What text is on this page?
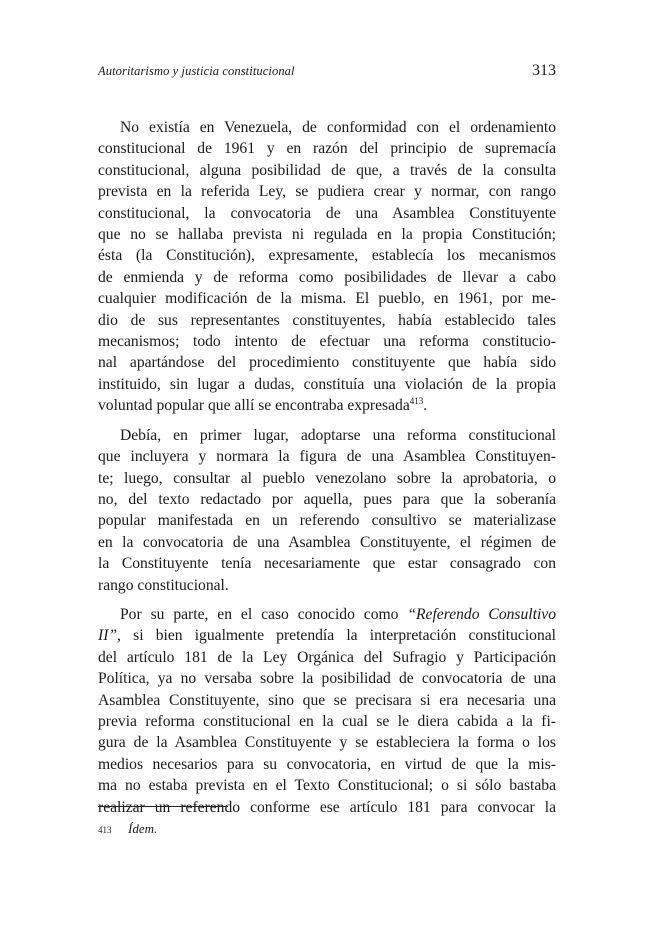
Autoritarismo y justicia constitucional	313
No existía en Venezuela, de conformidad con el ordenamiento
constitucional de 1961 y en razón del principio de supremacía
constitucional, alguna posibilidad de que, a través de la consulta
prevista en la referida Ley, se pudiera crear y normar, con rango
constitucional, la convocatoria de una Asamblea Constituyente
que no se hallaba prevista ni regulada en la propia Constitución;
ésta (la Constitución), expresamente, establecía los mecanismos
de enmienda y de reforma como posibilidades de llevar a cabo
cualquier modificación de la misma. El pueblo, en 1961, por me-
dio de sus representantes constituyentes, había establecido tales
mecanismos; todo intento de efectuar una reforma constitucio-
nal apartándose del procedimiento constituyente que había sido
instituido, sin lugar a dudas, constituía una violación de la propia
voluntad popular que allí se encontraba expresada$^{413}$.
Debía, en primer lugar, adoptarse una reforma constitucional
que incluyera y normara la figura de una Asamblea Constituyen-
te; luego, consultar al pueblo venezolano sobre la aprobatoria, o
no, del texto redactado por aquella, pues para que la soberanía
popular manifestada en un referendo consultivo se materializase
en la convocatoria de una Asamblea Constituyente, el régimen de
la Constituyente tenía necesariamente que estar consagrado con
rango constitucional.
Por su parte, en el caso conocido como “Referendo Consultivo
II”, si bien igualmente pretendía la interpretación constitucional
del artículo 181 de la Ley Orgánica del Sufragio y Participación
Política, ya no versaba sobre la posibilidad de convocatoria de una
Asamblea Constituyente, sino que se precisara si era necesaria una
previa reforma constitucional en la cual se le diera cabida a la fi-
gura de la Asamblea Constituyente y se estableciera la forma o los
medios necesarios para su convocatoria, en virtud de que la mis-
ma no estaba prevista en el Texto Constitucional; o si sólo bastaba
realizar un referendo conforme ese artículo 181 para convocar la
413	Ídem.
